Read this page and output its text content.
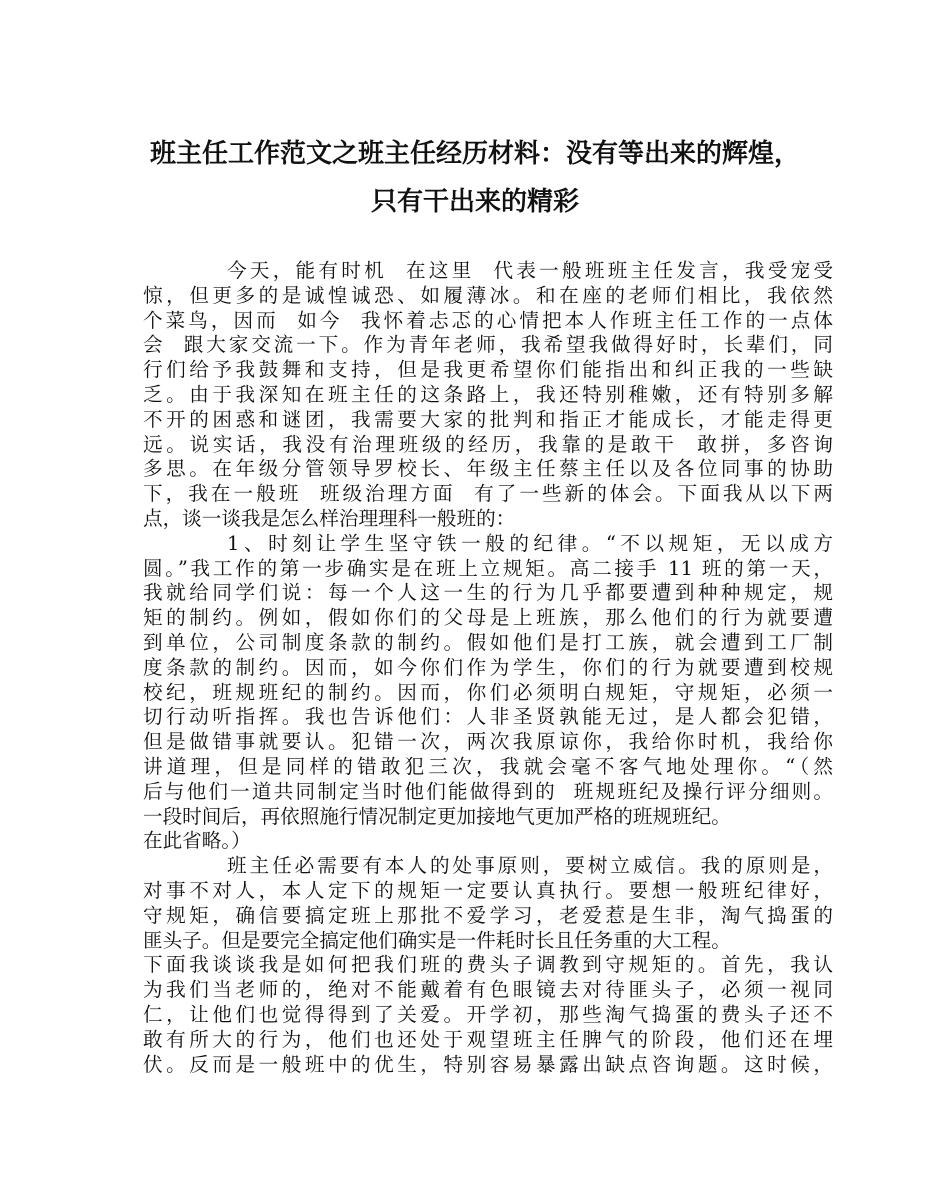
班主任工作范文之班主任经历材料：没有等出来的辉煌，
只有干出来的精彩
今天，能有时机  在这里  代表一般班班主任发言，我受宠受
惊，但更多的是诚惶诚恐、如履薄冰。和在座的老师们相比，我依然
个菜鸟，因而  如今  我怀着忐忑的心情把本人作班主任工作的一点体
会  跟大家交流一下。作为青年老师，我希望我做得好时，长辈们，同
行们给予我鼓舞和支持，但是我更希望你们能指出和纠正我的一些缺
乏。由于我深知在班主任的这条路上，我还特别稚嫩，还有特别多解
不开的困惑和谜团，我需要大家的批判和指正才能成长，才能走得更
远。说实话，我没有治理班级的经历，我靠的是敢干  敢拼，多咨询
多思。在年级分管领导罗校长、年级主任蔡主任以及各位同事的协助
下，我在一般班  班级治理方面  有了一些新的体会。下面我从以下两
点，谈一谈我是怎么样治理理科一般班的：
1、时刻让学生坚守铁一般的纪律。“不以规矩，无以成方
圆。”我工作的第一步确实是在班上立规矩。高二接手 11 班的第一天，
我就给同学们说：每一个人这一生的行为几乎都要遭到种种规定，规
矩的制约。例如，假如你们的父母是上班族，那么他们的行为就要遭
到单位，公司制度条款的制约。假如他们是打工族，就会遭到工厂制
度条款的制约。因而，如今你们作为学生，你们的行为就要遭到校规
校纪，班规班纪的制约。因而，你们必须明白规矩，守规矩，必须一
切行动听指挥。我也告诉他们：人非圣贤孰能无过，是人都会犯错，
但是做错事就要认。犯错一次，两次我原谅你，我给你时机，我给你
讲道理，但是同样的错敢犯三次，我就会毫不客气地处理你。“（然
后与他们一道共同制定当时他们能做得到的  班规班纪及操行评分细则。
一段时间后，再依照施行情况制定更加接地气更加严格的班规班纪。
在此省略。）
班主任必需要有本人的处事原则，要树立威信。我的原则是，
对事不对人，本人定下的规矩一定要认真执行。要想一般班纪律好，
守规矩，确信要搞定班上那批不爱学习，老爱惹是生非，淘气捣蛋的
匪头子。但是要完全搞定他们确实是一件耗时长且任务重的大工程。
下面我谈谈我是如何把我们班的费头子调教到守规矩的。首先，我认
为我们当老师的，绝对不能戴着有色眼镜去对待匪头子，必须一视同
仁，让他们也觉得得到了关爱。开学初，那些淘气捣蛋的费头子还不
敢有所大的行为，他们也还处于观望班主任脾气的阶段，他们还在埋
伏。反而是一般班中的优生，特别容易暴露出缺点咨询题。这时候，
